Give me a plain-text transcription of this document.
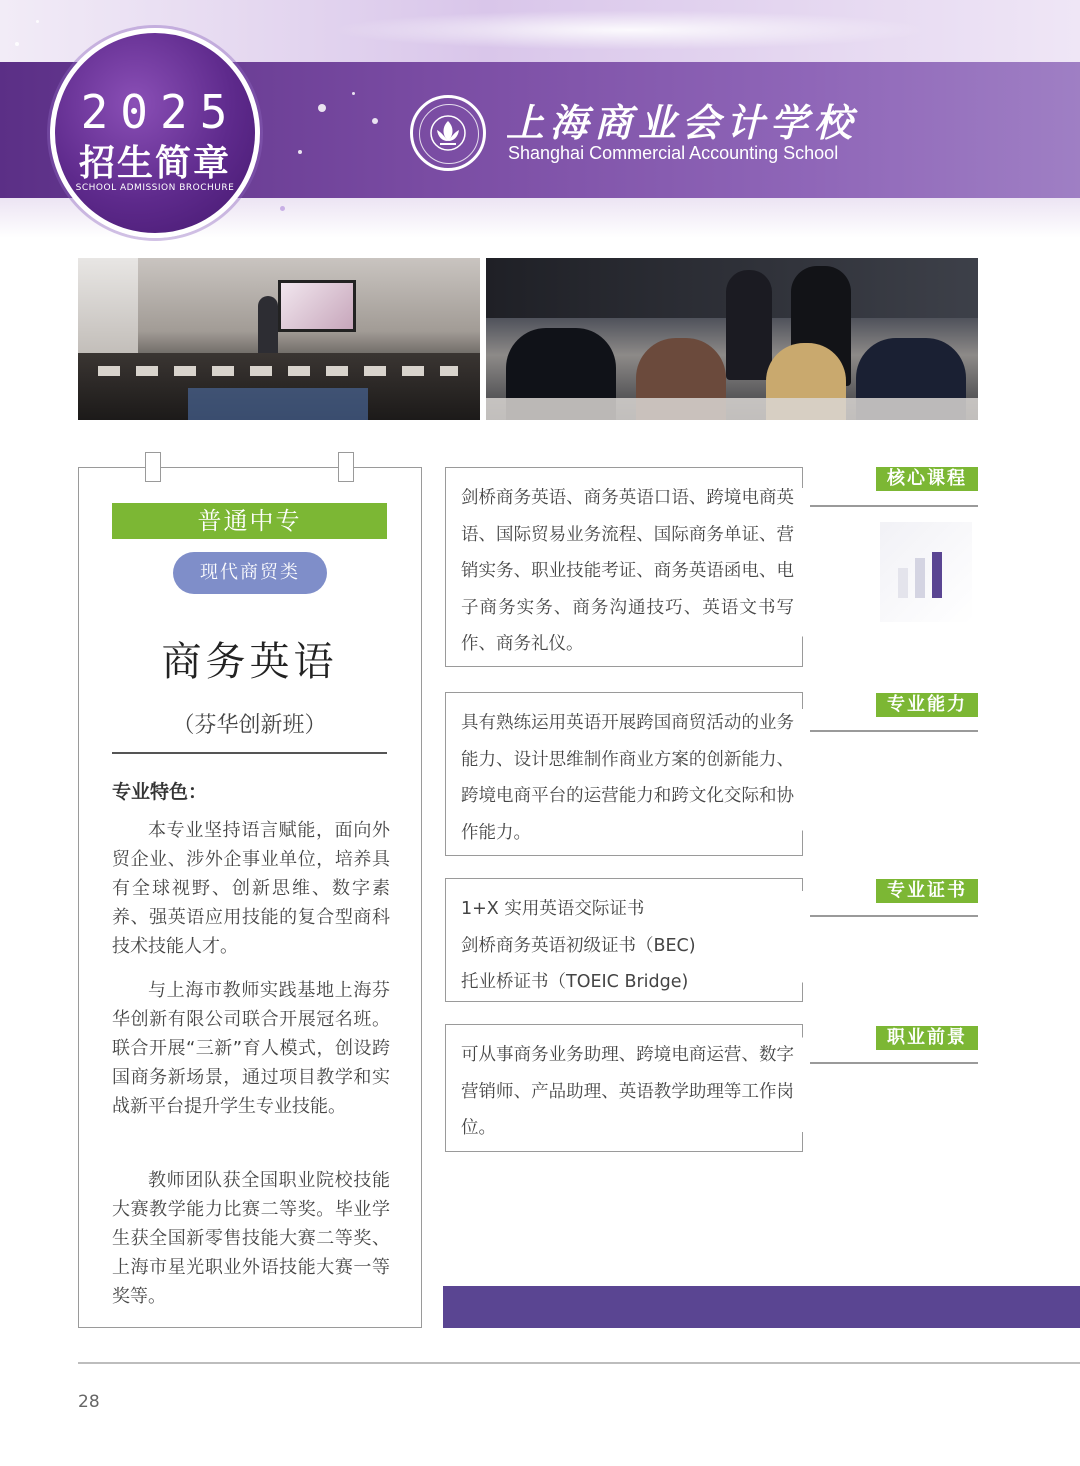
2025
招生简章
SCHOOL ADMISSION BROCHURE
上海商业会计学校
Shanghai Commercial Accounting School
普通中专
现代商贸类
商务英语
（芬华创新班）
专业特色：

本专业坚持语言赋能，面向外贸企业、涉外企事业单位，培养具有全球视野、创新思维、数字素养、强英语应用技能的复合型商科技术技能人才。

与上海市教师实践基地上海芬华创新有限公司联合开展冠名班。联合开展“三新”育人模式，创设跨国商务新场景，通过项目教学和实战新平台提升学生专业技能。

教师团队获全国职业院校技能大赛教学能力比赛二等奖。毕业学生获全国新零售技能大赛二等奖、上海市星光职业外语技能大赛一等奖等。

剑桥商务英语、商务英语口语、跨境电商英语、国际贸易业务流程、国际商务单证、营销实务、职业技能考证、商务英语函电、电子商务实务、商务沟通技巧、英语文书写作、商务礼仪。
核心课程
具有熟练运用英语开展跨国商贸活动的业务能力、设计思维制作商业方案的创新能力、跨境电商平台的运营能力和跨文化交际和协作能力。
专业能力
1+X 实用英语交际证书
剑桥商务英语初级证书（BEC)
托业桥证书（TOEIC Bridge)
专业证书
可从事商务业务助理、跨境电商运营、数字营销师、产品助理、英语教学助理等工作岗位。
职业前景
28
